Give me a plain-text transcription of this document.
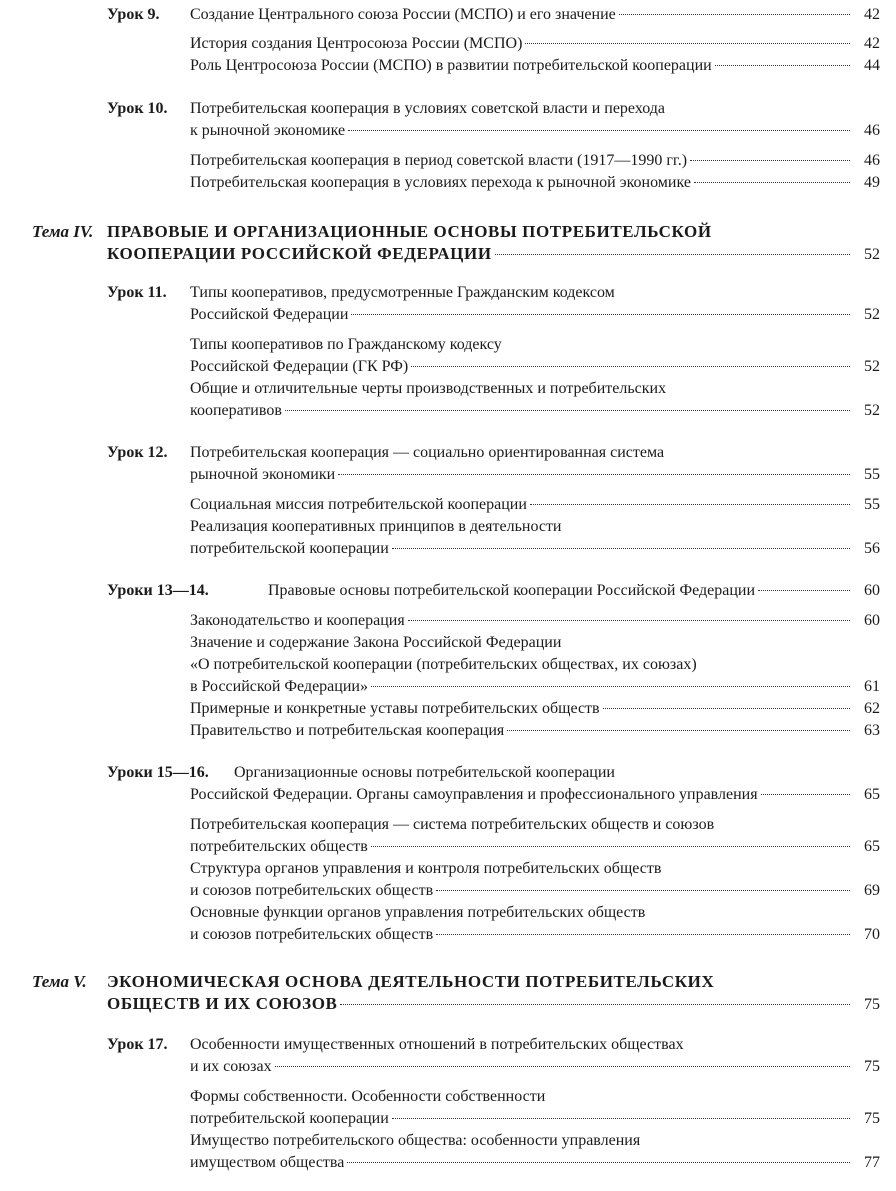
Урок 9. Создание Центрального союза России (МСПО) и его значение	42
История создания Центросоюза России (МСПО)	42
Роль Центросоюза России (МСПО) в развитии потребительской кооперации	44
Урок 10. Потребительская кооперация в условиях советской власти и перехода
к рыночной экономике	46
Потребительская кооперация в период советской власти (1917—1990 гг.)	46
Потребительская кооперация в условиях перехода к рыночной экономике	49
Тема IV. ПРАВОВЫЕ И ОРГАНИЗАЦИОННЫЕ ОСНОВЫ ПОТРЕБИТЕЛЬСКОЙ
КООПЕРАЦИИ РОССИЙСКОЙ ФЕДЕРАЦИИ	52
Урок 11. Типы кооперативов, предусмотренные Гражданским кодексом
Российской Федерации	52
Типы кооперативов по Гражданскому кодексу
Российской Федерации (ГК РФ)	52
Общие и отличительные черты производственных и потребительских
кооперативов	52
Урок 12. Потребительская кооперация — социально ориентированная система
рыночной экономики	55
Социальная миссия потребительской кооперации	55
Реализация кооперативных принципов в деятельности
потребительской кооперации	56
Уроки 13—14.	Правовые основы потребительской кооперации Российской Федерации	60
Законодательство и кооперация	60
Значение и содержание Закона Российской Федерации
«О потребительской кооперации (потребительских обществах, их союзах)
в Российской Федерации»	61
Примерные и конкретные уставы потребительских обществ	62
Правительство и потребительская кооперация	63
Уроки 15—16. Организационные основы потребительской кооперации
Российской Федерации. Органы самоуправления и профессионального управления	65
Потребительская кооперация — система потребительских обществ и союзов
потребительских обществ	65
Структура органов управления и контроля потребительских обществ
и союзов потребительских обществ	69
Основные функции органов управления потребительских обществ
и союзов потребительских обществ	70
Тема V. ЭКОНОМИЧЕСКАЯ ОСНОВА ДЕЯТЕЛЬНОСТИ ПОТРЕБИТЕЛЬСКИХ
ОБЩЕСТВ И ИХ СОЮЗОВ	75
Урок 17. Особенности имущественных отношений в потребительских обществах
и их союзах	75
Формы собственности. Особенности собственности
потребительской кооперации	75
Имущество потребительского общества: особенности управления
имуществом общества	77
